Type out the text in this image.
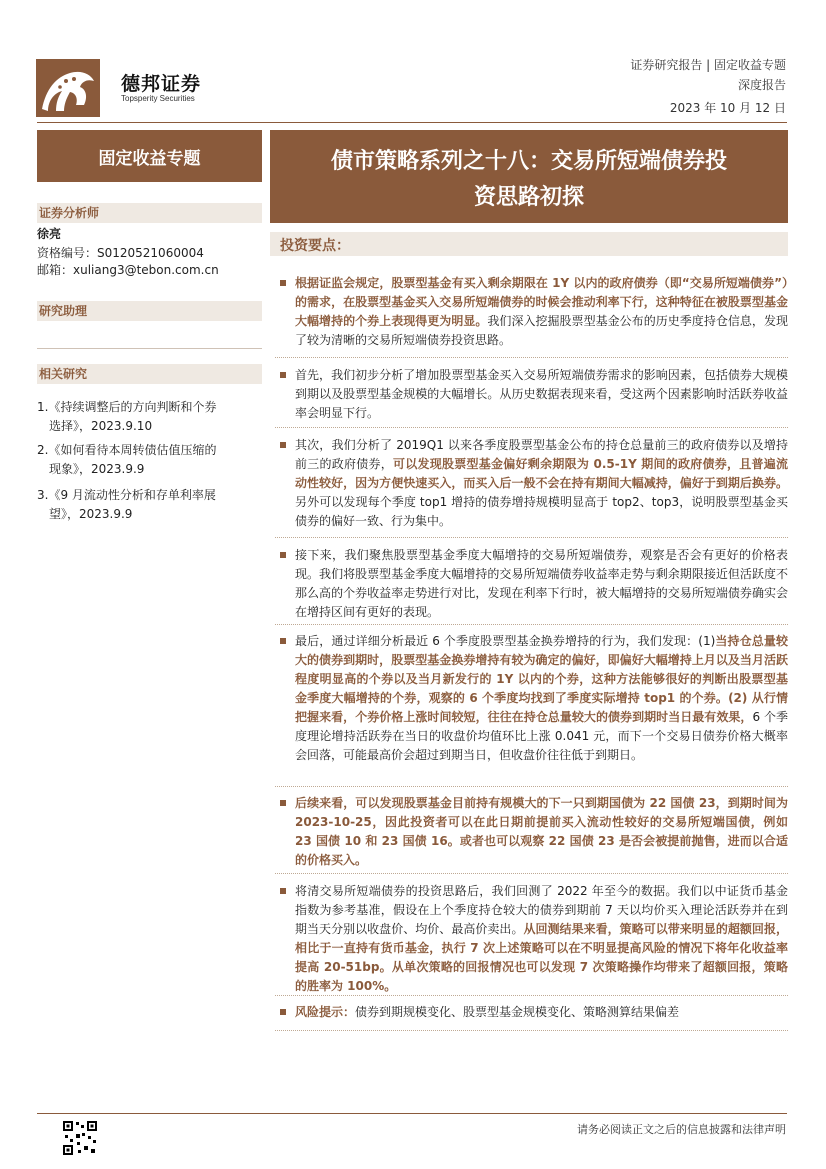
德邦证券
Topsperity Securities
证券研究报告 | 固定收益专题
深度报告
2023 年 10 月 12 日
固定收益专题	债市策略系列之十八：交易所短端债券投
资思路初探
证券分析师
徐亮
资格编号：S0120521060004
邮箱：xuliang3@tebon.com.cn
研究助理
相关研究
1.《持续调整后的方向判断和个券
选择》，2023.9.10
2.《如何看待本周转债估值压缩的
现象》，2023.9.9
3.《9 月流动性分析和存单利率展
望》，2023.9.9
投资要点：
根据证监会规定，股票型基金有买入剩余期限在 1Y 以内的政府债券（即“交易所短端债券”）的需求，在股票型基金买入交易所短端债券的时候会推动利率下行，这种特征在被股票型基金大幅增持的个券上表现得更为明显。我们深入挖掘股票型基金公布的历史季度持仓信息，发现了较为清晰的交易所短端债券投资思路。
首先，我们初步分析了增加股票型基金买入交易所短端债券需求的影响因素，包括债券大规模到期以及股票型基金规模的大幅增长。从历史数据表现来看，受这两个因素影响时活跃券收益率会明显下行。
其次，我们分析了 2019Q1 以来各季度股票型基金公布的持仓总量前三的政府债券以及增持前三的政府债券，可以发现股票型基金偏好剩余期限为 0.5-1Y 期间的政府债券，且普遍流动性较好，因为方便快速买入，而买入后一般不会在持有期间大幅减持，偏好于到期后换券。另外可以发现每个季度 top1 增持的债券增持规模明显高于 top2、top3，说明股票型基金买债券的偏好一致、行为集中。
接下来，我们聚焦股票型基金季度大幅增持的交易所短端债券，观察是否会有更好的价格表现。我们将股票型基金季度大幅增持的交易所短端债券收益率走势与剩余期限接近但活跃度不那么高的个券收益率走势进行对比，发现在利率下行时，被大幅增持的交易所短端债券确实会在增持区间有更好的表现。
最后，通过详细分析最近 6 个季度股票型基金换券增持的行为，我们发现：(1)当持仓总量较大的债券到期时，股票型基金换券增持有较为确定的偏好，即偏好大幅增持上月以及当月活跃程度明显高的个券以及当月新发行的 1Y 以内的个券，这种方法能够很好的判断出股票型基金季度大幅增持的个券，观察的 6 个季度均找到了季度实际增持 top1 的个券。(2) 从行情把握来看，个券价格上涨时间较短，往往在持仓总量较大的债券到期时当日最有效果，6 个季度理论增持活跃券在当日的收盘价均值环比上涨 0.041 元，而下一个交易日债券价格大概率会回落，可能最高价会超过到期当日，但收盘价往往低于到期日。
后续来看，可以发现股票基金目前持有规模大的下一只到期国债为 22 国债 23，到期时间为 2023-10-25，因此投资者可以在此日期前提前买入流动性较好的交易所短端国债，例如 23 国债 10 和 23 国债 16。或者也可以观察 22 国债 23 是否会被提前抛售，进而以合适的价格买入。
将清交易所短端债券的投资思路后，我们回测了 2022 年至今的数据。我们以中证货币基金指数为参考基准，假设在上个季度持仓较大的债券到期前 7 天以均价买入理论活跃券并在到期当天分别以收盘价、均价、最高价卖出。从回测结果来看，策略可以带来明显的超额回报，相比于一直持有货币基金，执行 7 次上述策略可以在不明显提高风险的情况下将年化收益率提高 20-51bp。从单次策略的回报情况也可以发现 7 次策略操作均带来了超额回报，策略的胜率为 100%。
风险提示：债券到期规模变化、股票型基金规模变化、策略测算结果偏差
请务必阅读正文之后的信息披露和法律声明
